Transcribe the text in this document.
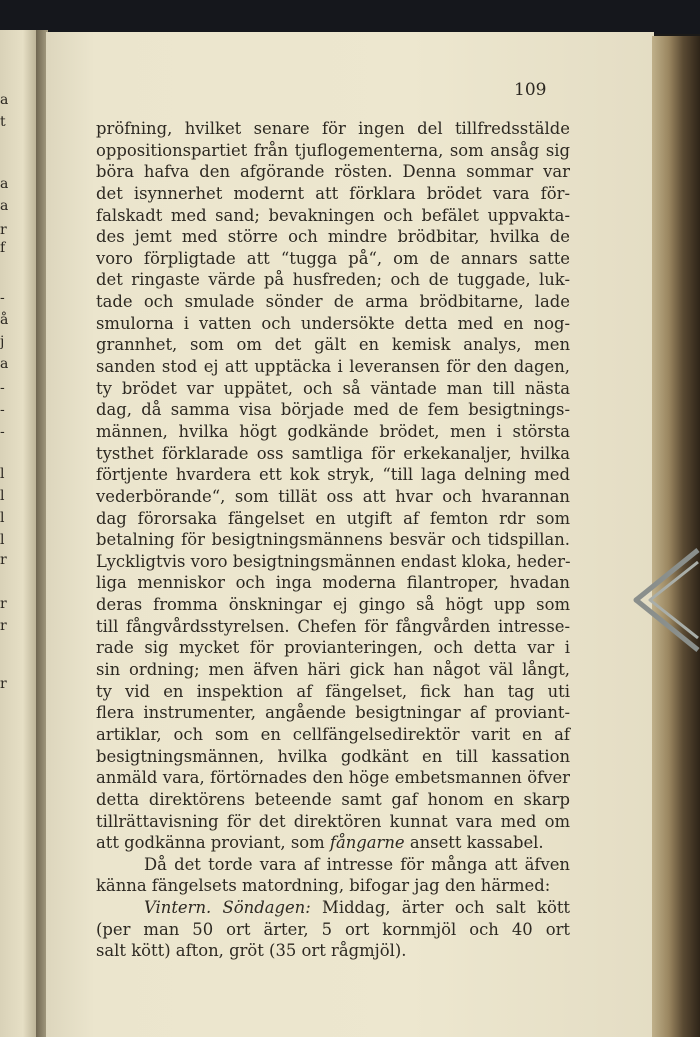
a
t
a
a
r
f
-
å
j
a
-
-
-
l
l
l
l
r
r
r
r
109
pröfning, hvilket senare för ingen del tillfredsstälde
oppositionspartiet från tjuflogementerna, som ansåg sig
böra hafva den afgörande rösten. Denna sommar var
det isynnerhet modernt att förklara brödet vara för-
falskadt med sand; bevakningen och befälet uppvakta-
des jemt med större och mindre brödbitar, hvilka de
voro förpligtade att “tugga på“, om de annars satte
det ringaste värde på husfreden; och de tuggade, luk-
tade och smulade sönder de arma brödbitarne, lade
smulorna i vatten och undersökte detta med en nog-
grannhet, som om det gält en kemisk analys, men
sanden stod ej att upptäcka i leveransen för den dagen,
ty brödet var uppätet, och så väntade man till nästa
dag, då samma visa började med de fem besigtnings-
männen, hvilka högt godkände brödet, men i största
tysthet förklarade oss samtliga för erkekanaljer, hvilka
förtjente hvardera ett kok stryk, “till laga delning med
vederbörande“, som tillät oss att hvar och hvarannan
dag förorsaka fängelset en utgift af femton rdr som
betalning för besigtningsmännens besvär och tidspillan.
Lyckligtvis voro besigtningsmännen endast kloka, heder-
liga menniskor och inga moderna filantroper, hvadan
deras fromma önskningar ej gingo så högt upp som
till fångvårdsstyrelsen. Chefen för fångvården intresse-
rade sig mycket för provianteringen, och detta var i
sin ordning; men äfven häri gick han något väl långt,
ty vid en inspektion af fängelset, fick han tag uti
flera instrumenter, angående besigtningar af proviant-
artiklar, och som en cellfängelsedirektör varit en af
besigtningsmännen, hvilka godkänt en till kassation
anmäld vara, förtörnades den höge embetsmannen öfver
detta direktörens beteende samt gaf honom en skarp
tillrättavisning för det direktören kunnat vara med om
att godkänna proviant, som fångarne ansett kassabel.
Då det torde vara af intresse för många att äfven
känna fängelsets matordning, bifogar jag den härmed:
Vintern. Söndagen: Middag, ärter och salt kött
(per man 50 ort ärter, 5 ort kornmjöl och 40 ort
salt kött) afton, gröt (35 ort rågmjöl).
